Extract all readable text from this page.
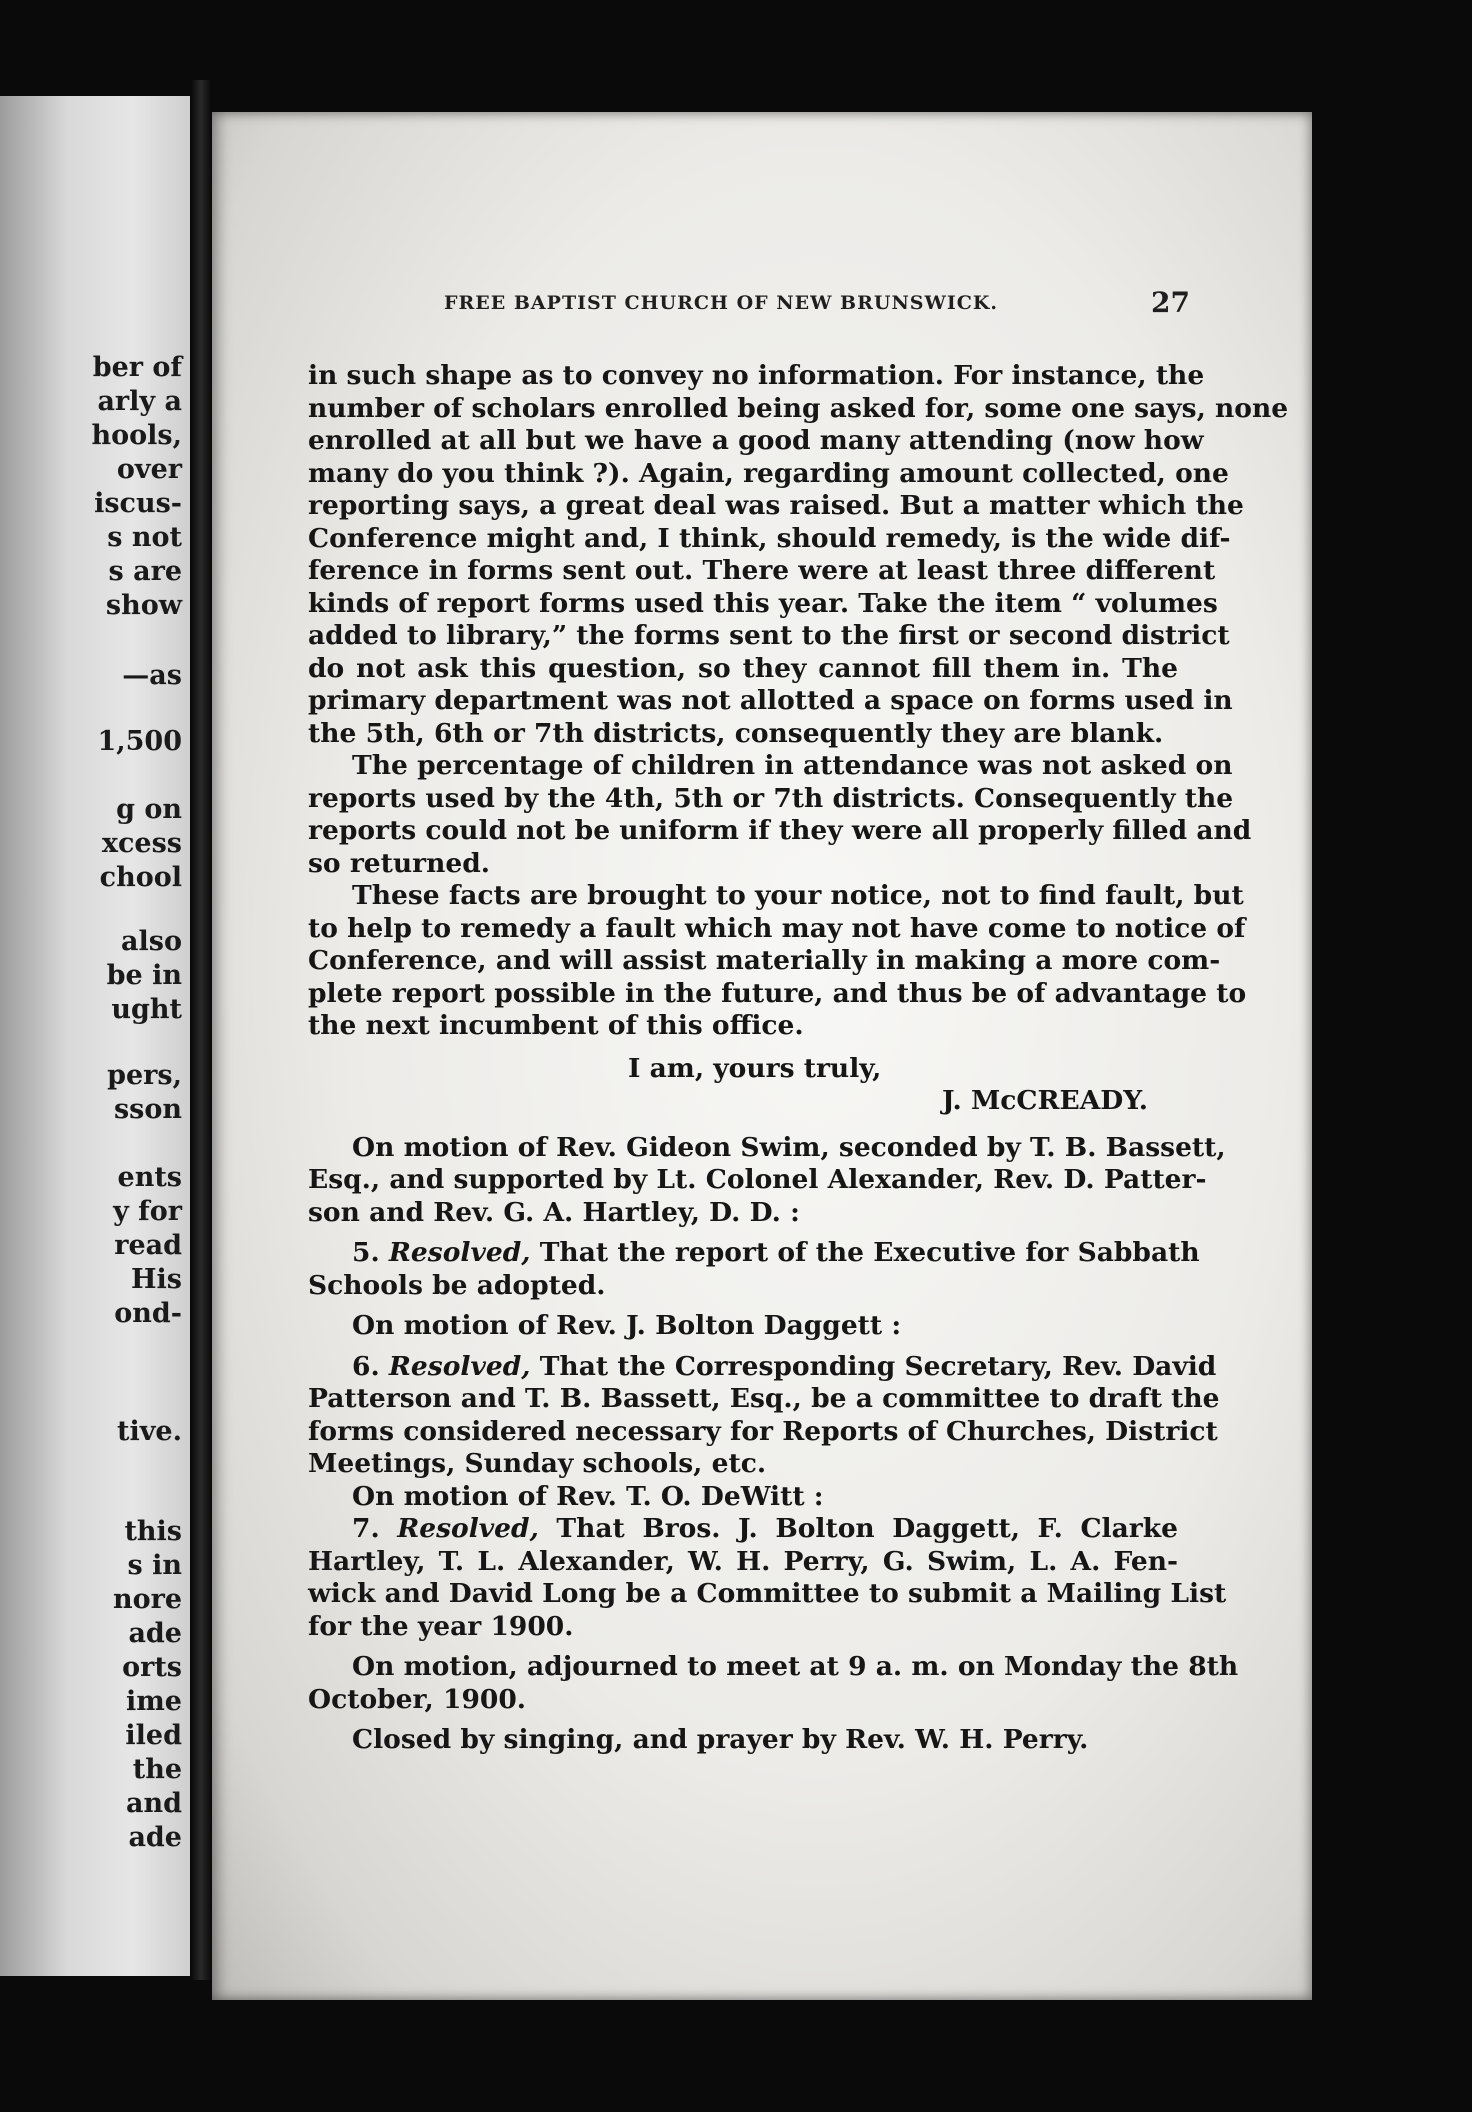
ber of
arly a
hools,
over
iscus-
s not
s are
show
—as
1,500
g on
xcess
chool
also
be in
ught
pers,
sson
ents
y for
read
His
ond-
tive.
this
s in
nore
ade
orts
ime
iled
the
and
ade
FREE BAPTIST CHURCH OF NEW BRUNSWICK.	27
in such shape as to convey no information. For instance, the
number of scholars enrolled being asked for, some one says, none
enrolled at all but we have a good many attending (now how
many do you think ?). Again, regarding amount collected, one
reporting says, a great deal was raised. But a matter which the
Conference might and, I think, should remedy, is the wide dif-
ference in forms sent out. There were at least three different
kinds of report forms used this year. Take the item “ volumes
added to library,” the forms sent to the first or second district
do not ask this question, so they cannot fill them in. The
primary department was not allotted a space on forms used in
the 5th, 6th or 7th districts, consequently they are blank.
The percentage of children in attendance was not asked on
reports used by the 4th, 5th or 7th districts. Consequently the
reports could not be uniform if they were all properly filled and
so returned.
These facts are brought to your notice, not to find fault, but
to help to remedy a fault which may not have come to notice of
Conference, and will assist materially in making a more com-
plete report possible in the future, and thus be of advantage to
the next incumbent of this office.
I am, yours truly,
J. McCREADY.
On motion of Rev. Gideon Swim, seconded by T. B. Bassett,
Esq., and supported by Lt. Colonel Alexander, Rev. D. Patter-
son and Rev. G. A. Hartley, D. D. :
5. Resolved, That the report of the Executive for Sabbath
Schools be adopted.
On motion of Rev. J. Bolton Daggett :
6. Resolved, That the Corresponding Secretary, Rev. David
Patterson and T. B. Bassett, Esq., be a committee to draft the
forms considered necessary for Reports of Churches, District
Meetings, Sunday schools, etc.
On motion of Rev. T. O. DeWitt :
7. Resolved, That Bros. J. Bolton Daggett, F. Clarke
Hartley, T. L. Alexander, W. H. Perry, G. Swim, L. A. Fen-
wick and David Long be a Committee to submit a Mailing List
for the year 1900.
On motion, adjourned to meet at 9 a. m. on Monday the 8th
October, 1900.
Closed by singing, and prayer by Rev. W. H. Perry.
